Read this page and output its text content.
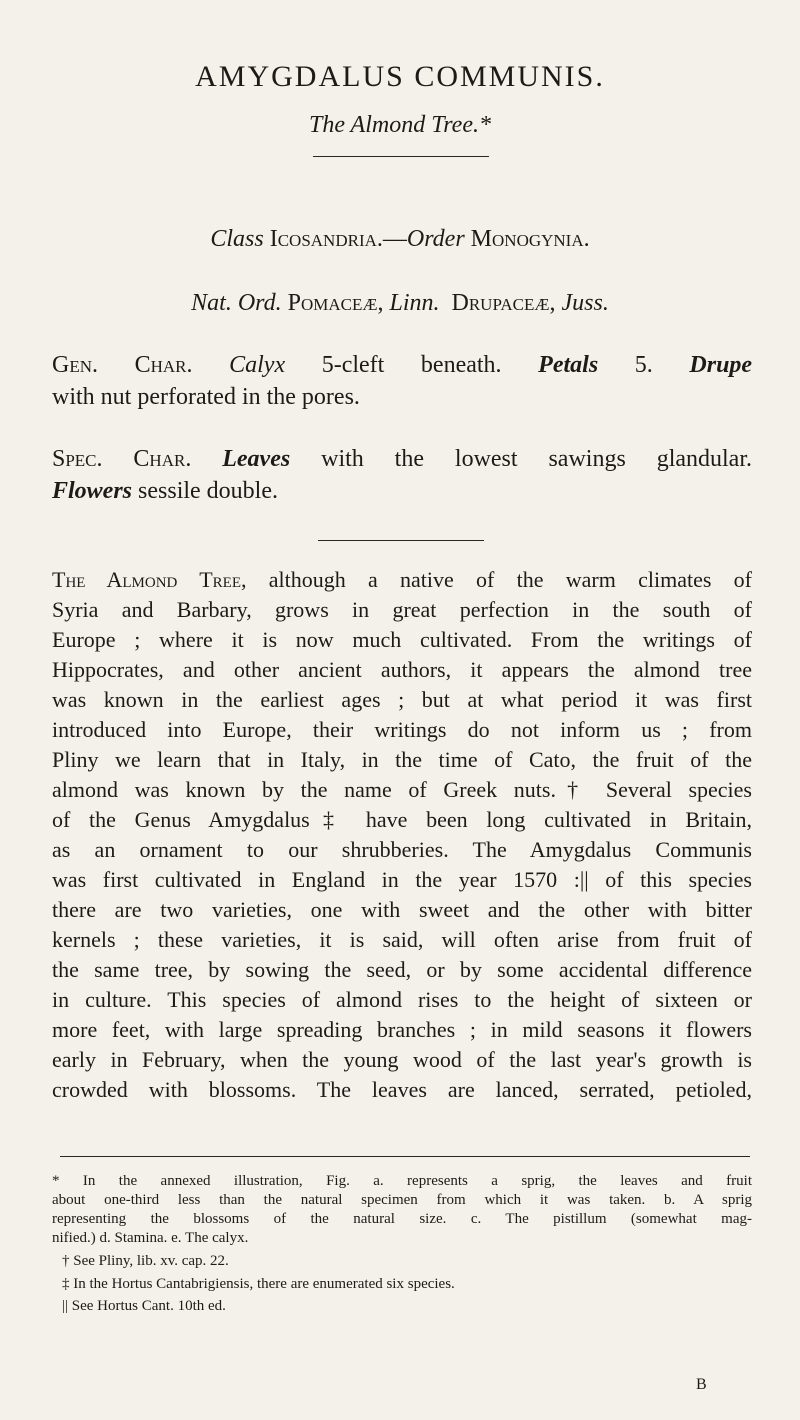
AMYGDALUS COMMUNIS.
The Almond Tree.*
Class Icosandria.—Order Monogynia.
Nat. Ord. Pomaceæ, Linn. Drupaceæ, Juss.
Gen. Char. Calyx 5-cleft beneath. Petals 5. Drupe
with nut perforated in the pores.
Spec. Char. Leaves with the lowest sawings glandular.
Flowers sessile double.
The Almond Tree, although a native of the warm climates of
Syria and Barbary, grows in great perfection in the south of
Europe ; where it is now much cultivated. From the writings of
Hippocrates, and other ancient authors, it appears the almond tree
was known in the earliest ages ; but at what period it was first
introduced into Europe, their writings do not inform us ; from
Pliny we learn that in Italy, in the time of Cato, the fruit of the
almond was known by the name of Greek nuts.† Several species
of the Genus Amygdalus‡ have been long cultivated in Britain,
as an ornament to our shrubberies. The Amygdalus Communis
was first cultivated in England in the year 1570 :|| of this species
there are two varieties, one with sweet and the other with bitter
kernels ; these varieties, it is said, will often arise from fruit of
the same tree, by sowing the seed, or by some accidental difference
in culture. This species of almond rises to the height of sixteen or
more feet, with large spreading branches ; in mild seasons it flowers
early in February, when the young wood of the last year's growth is
crowded with blossoms. The leaves are lanced, serrated, petioled,
* In the annexed illustration, Fig. a. represents a sprig, the leaves and fruit
about one-third less than the natural specimen from which it was taken. b. A sprig
representing the blossoms of the natural size. c. The pistillum (somewhat mag-
nified.) d. Stamina. e. The calyx.
† See Pliny, lib. xv. cap. 22.
‡ In the Hortus Cantabrigiensis, there are enumerated six species.
|| See Hortus Cant. 10th ed.
B
